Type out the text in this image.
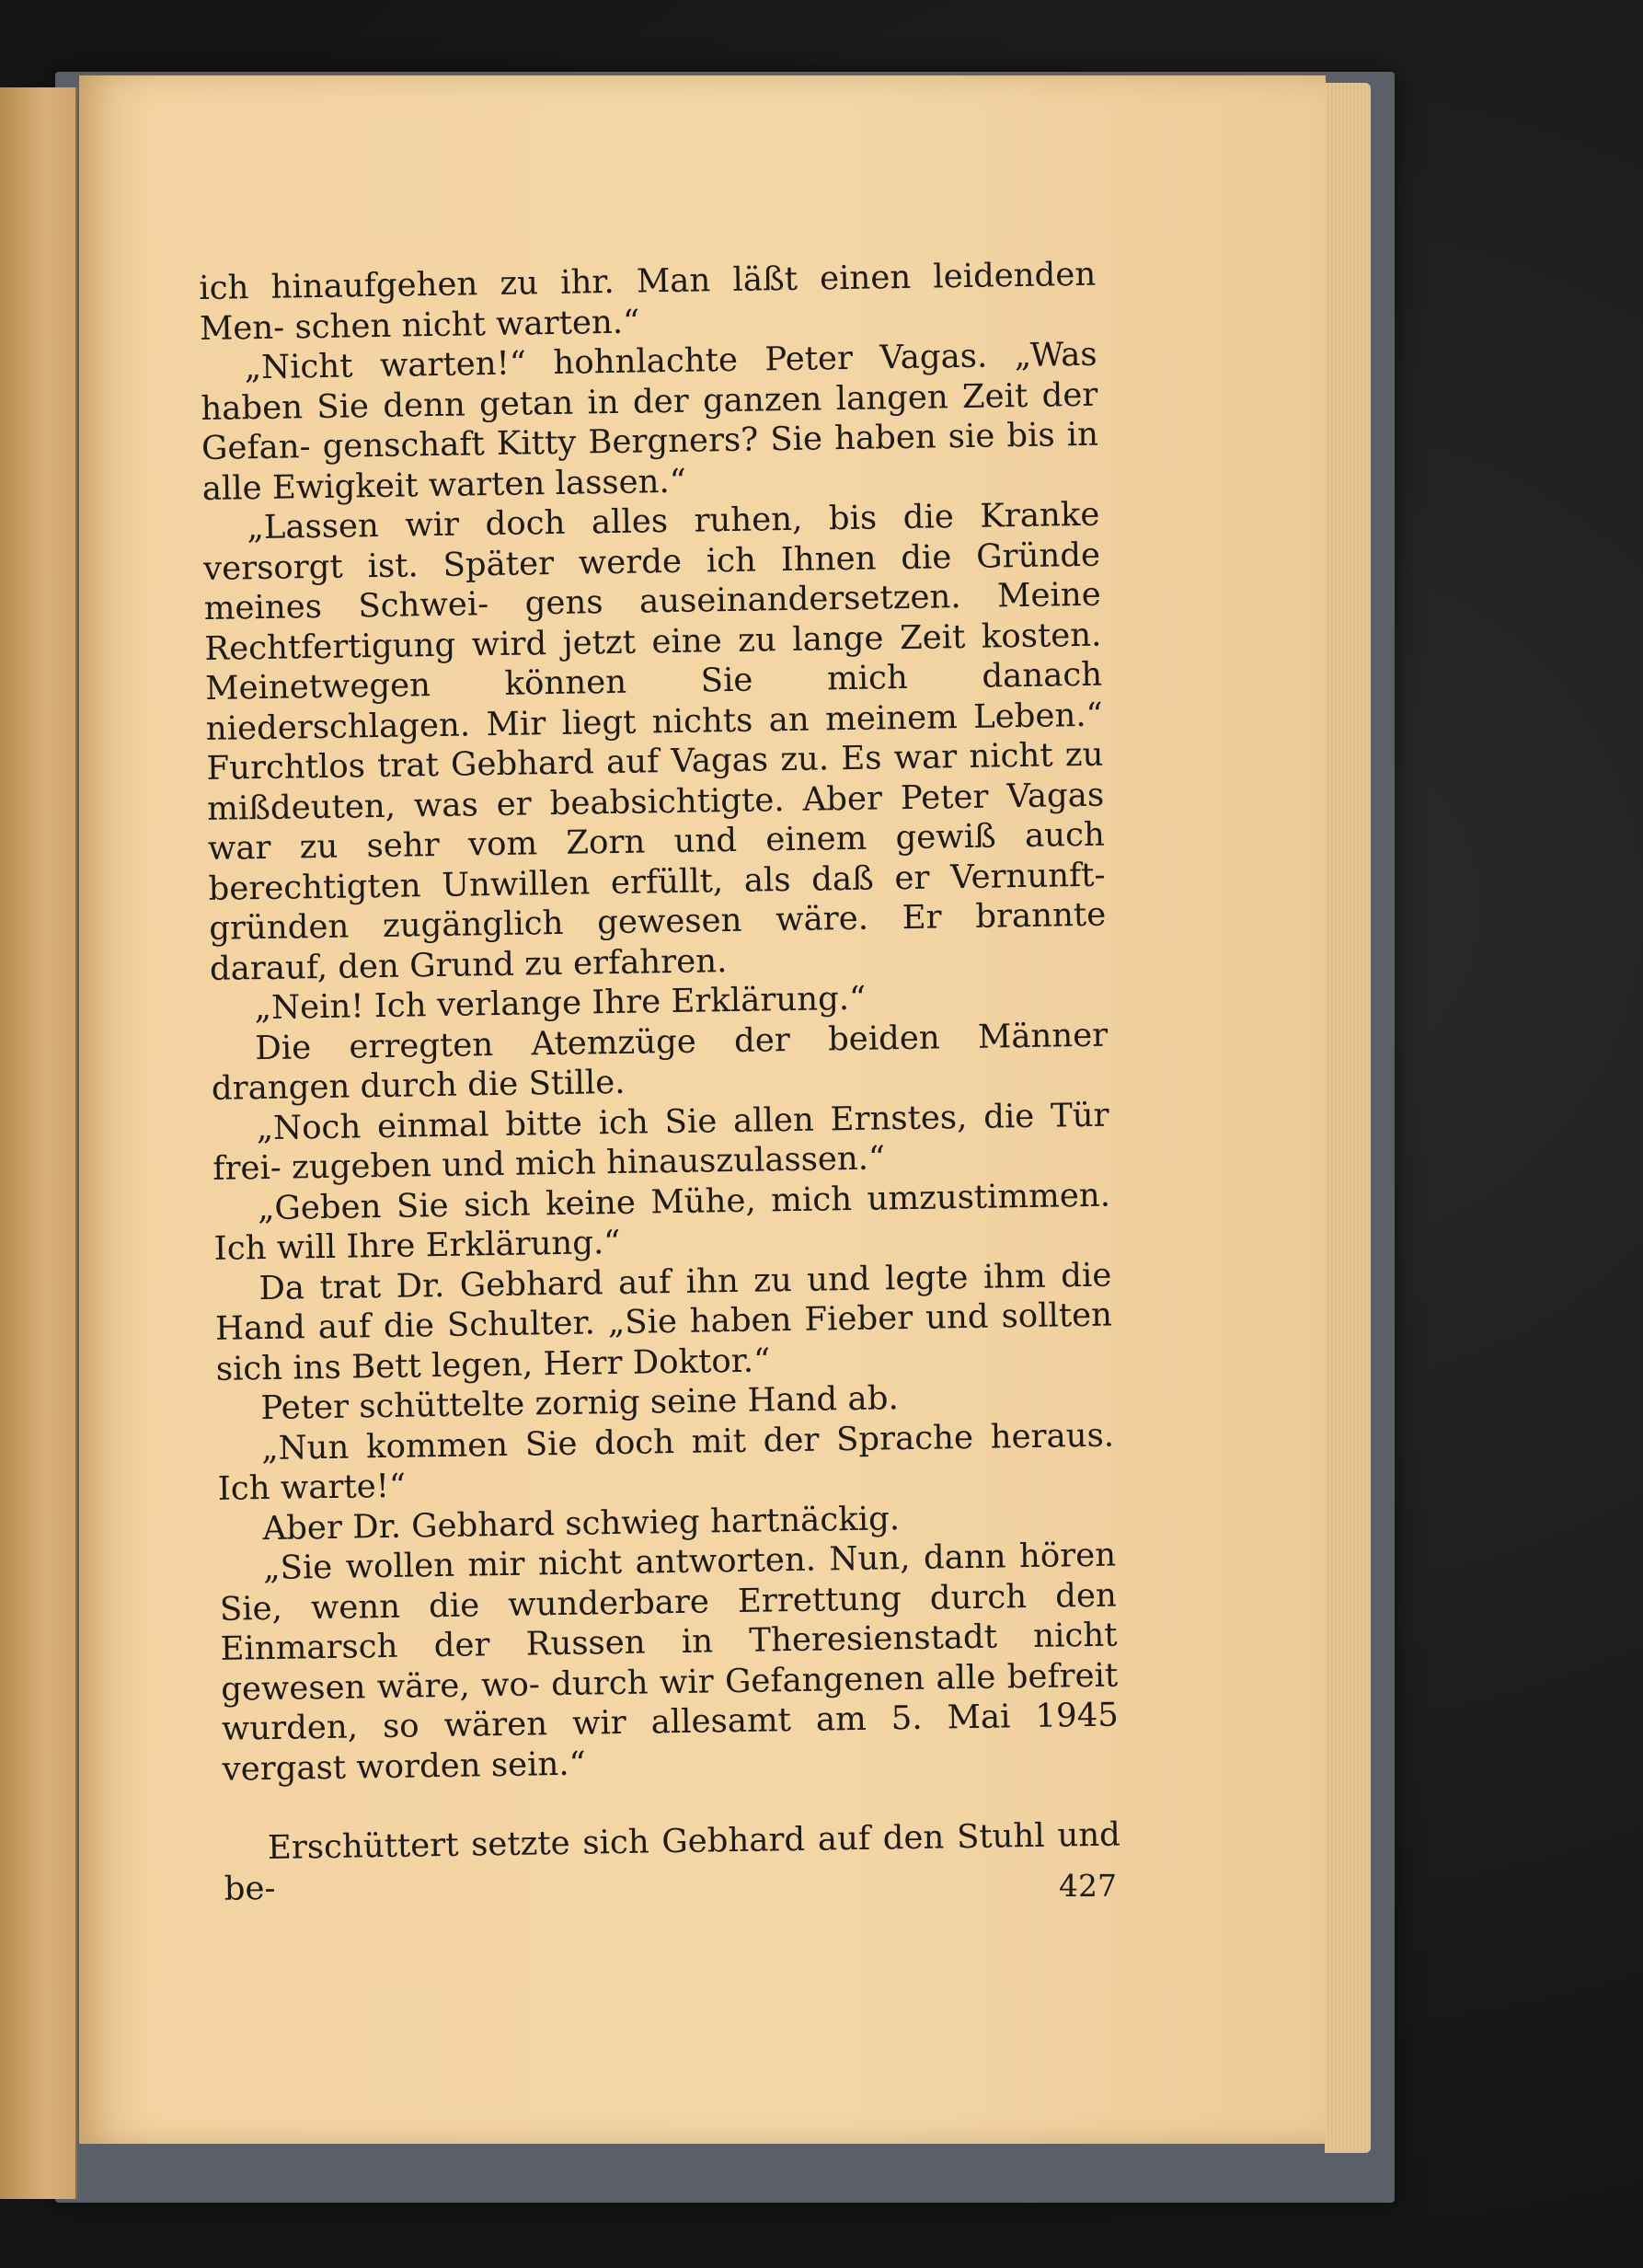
ich hinaufgehen zu ihr. Man läßt einen leidenden Men- schen nicht warten.“

„Nicht warten!“ hohnlachte Peter Vagas. „Was haben Sie denn getan in der ganzen langen Zeit der Gefan- genschaft Kitty Bergners? Sie haben sie bis in alle Ewigkeit warten lassen.“

„Lassen wir doch alles ruhen, bis die Kranke versorgt ist. Später werde ich Ihnen die Gründe meines Schwei- gens auseinandersetzen. Meine Rechtfertigung wird jetzt eine zu lange Zeit kosten. Meinetwegen können Sie mich danach niederschlagen. Mir liegt nichts an meinem Leben.“ Furchtlos trat Gebhard auf Vagas zu. Es war nicht zu mißdeuten, was er beabsichtigte. Aber Peter Vagas war zu sehr vom Zorn und einem gewiß auch berechtigten Unwillen erfüllt, als daß er Vernunft- gründen zugänglich gewesen wäre. Er brannte darauf, den Grund zu erfahren.

„Nein! Ich verlange Ihre Erklärung.“

Die erregten Atemzüge der beiden Männer drangen durch die Stille.

„Noch einmal bitte ich Sie allen Ernstes, die Tür frei- zugeben und mich hinauszulassen.“

„Geben Sie sich keine Mühe, mich umzustimmen. Ich will Ihre Erklärung.“

Da trat Dr. Gebhard auf ihn zu und legte ihm die Hand auf die Schulter. „Sie haben Fieber und sollten sich ins Bett legen, Herr Doktor.“

Peter schüttelte zornig seine Hand ab.

„Nun kommen Sie doch mit der Sprache heraus. Ich warte!“

Aber Dr. Gebhard schwieg hartnäckig.

„Sie wollen mir nicht antworten. Nun, dann hören Sie, wenn die wunderbare Errettung durch den Einmarsch der Russen in Theresienstadt nicht gewesen wäre, wo- durch wir Gefangenen alle befreit wurden, so wären wir allesamt am 5. Mai 1945 vergast worden sein.“

Erschüttert setzte sich Gebhard auf den Stuhl und be-	427
